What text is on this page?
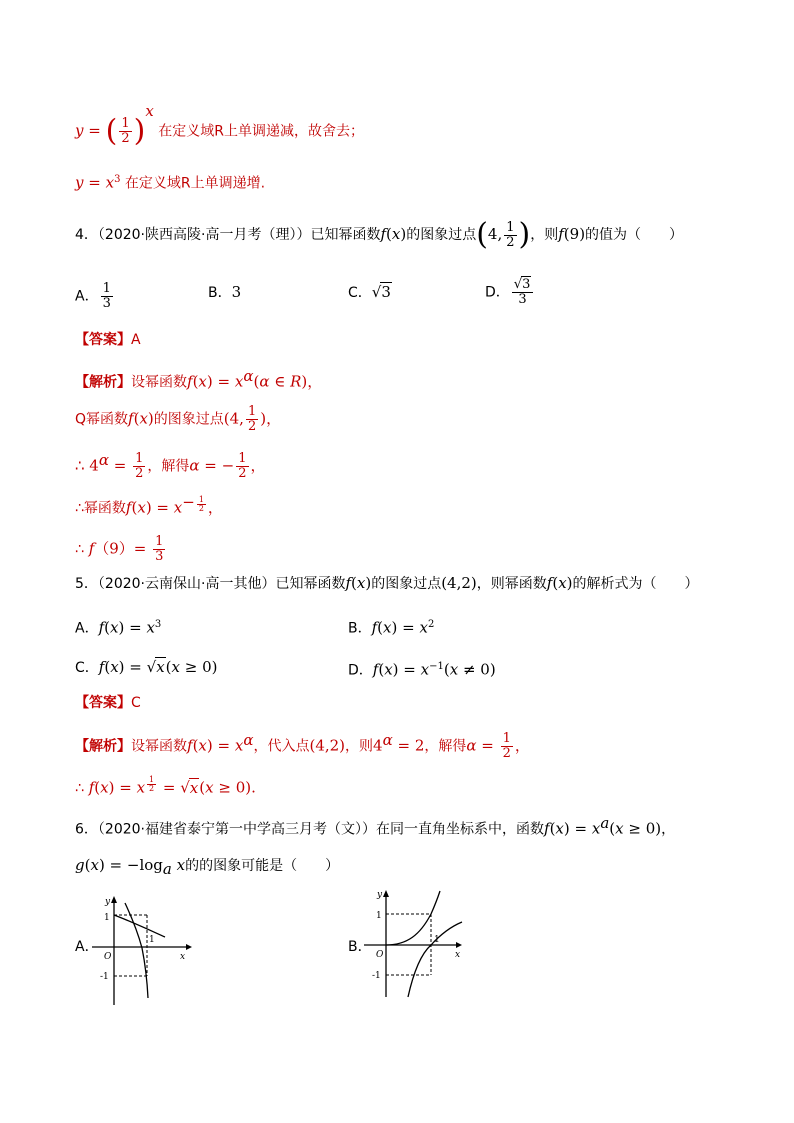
y = ( $\frac{1}{2} )^x$ 在定义域R上单调递减，故舍去；
$y = x^3$ 在定义域R上单调递增.
4．（2020·陕西高陵·高一月考（理））已知幂函数f(x)的图象过点(4, $\frac{1}{2}$ )，则f(9)的值为（　　）
A． $\frac{1}{3}$	B．3	C．√3	D． $\frac{√3}{3}$
【答案】A
【解析】设幂函数$f(x) = x^\alpha(\alpha$ ∈ R)，
Q幂函数f(x)的图象过点(4, $\frac{1}{2}$ )，
∴ $4^\alpha = \frac{1}{2}$ ，解得α = − $\frac{1}{2}$ ，
∴幂函数$f(x) = x^{- \frac{1}{2}}$ ，
∴ $f(9)= \frac{1}{3}$
5．（2020·云南保山·高一其他）已知幂函数f(x)的图象过点(4,2)，则幂函数f(x)的解析式为（　　）
A．$f(x) = x^3$	B．$f(x) = x^2$
C．f(x) = √x(x ≥ 0)	D．$f(x) = x^{-1}(x \ne 0)$
【答案】C
【解析】设幂函数$f(x) = x^\alpha$，代入点(4,2)，则$4^\alpha = 2$，解得$\alpha = \frac{1}{2}$ ，
∴ f(x) = x $^{\frac{1}{2}}$ = √x(x ≥ 0).
6．（2020·福建省泰宁第一中学高三月考（文））在同一直角坐标系中，函数$f(x) = x^a(x \ge 0)$，
$g(x) = -\log_a$ x的的图象可能是（　　）
A．
y
x
O
1
1
-1
B．
y
x
O
1
1
-1
